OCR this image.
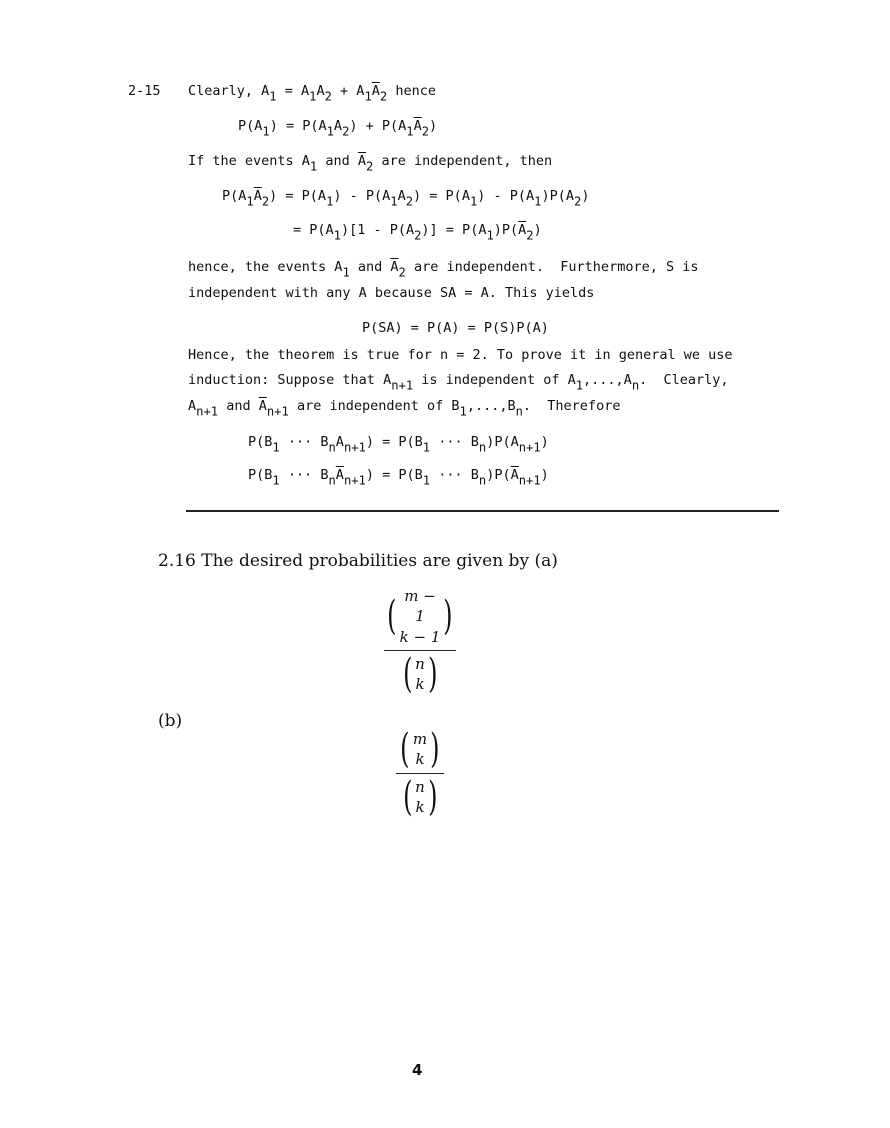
2-15 Clearly, $A_1 = A_1A_2 + A_1\overline{A}_2$ hence
$P(A_1) = P(A_1A_2) + P(A_1\overline{A}_2)$
If the events $A_1$ and $\overline{A}_2$ are independent, then
$P(A_1\overline{A}_2) = P(A_1) - P(A_1A_2) = P(A_1) - P(A_1)P(A_2)$
= $P(A_1)[1 - P(A_2)] = P(A_1)P(\overline{A}_2)$
hence, the events $A_1$ and $\overline{A}_2$ are independent. Furthermore, S is
independent with any A because SA = A. This yields
P(SA) = P(A) = P(S)P(A)
Hence, the theorem is true for n = 2. To prove it in general we use
induction: Suppose that $A_{n+1}$ is independent of $A_1,...,A_n$.  Clearly,
$A_{n+1}$ and $\overline{A}_{n+1}$ are independent of $B_1,...,B_n$.  Therefore
$P(B_1$ ··· $B_nA_{n+1}) = P(B_1$ ··· $B_n)P(A_{n+1})$
$P(B_1$ ··· $B_n\overline{A}_{n+1}) = P(B_1$ ··· $B_n)P(\overline{A}_{n+1})$
2.16 The desired probabilities are given by (a)
( m − 1
k − 1 )
( n
k )
(b)
( m
k )
( n
k )
4
